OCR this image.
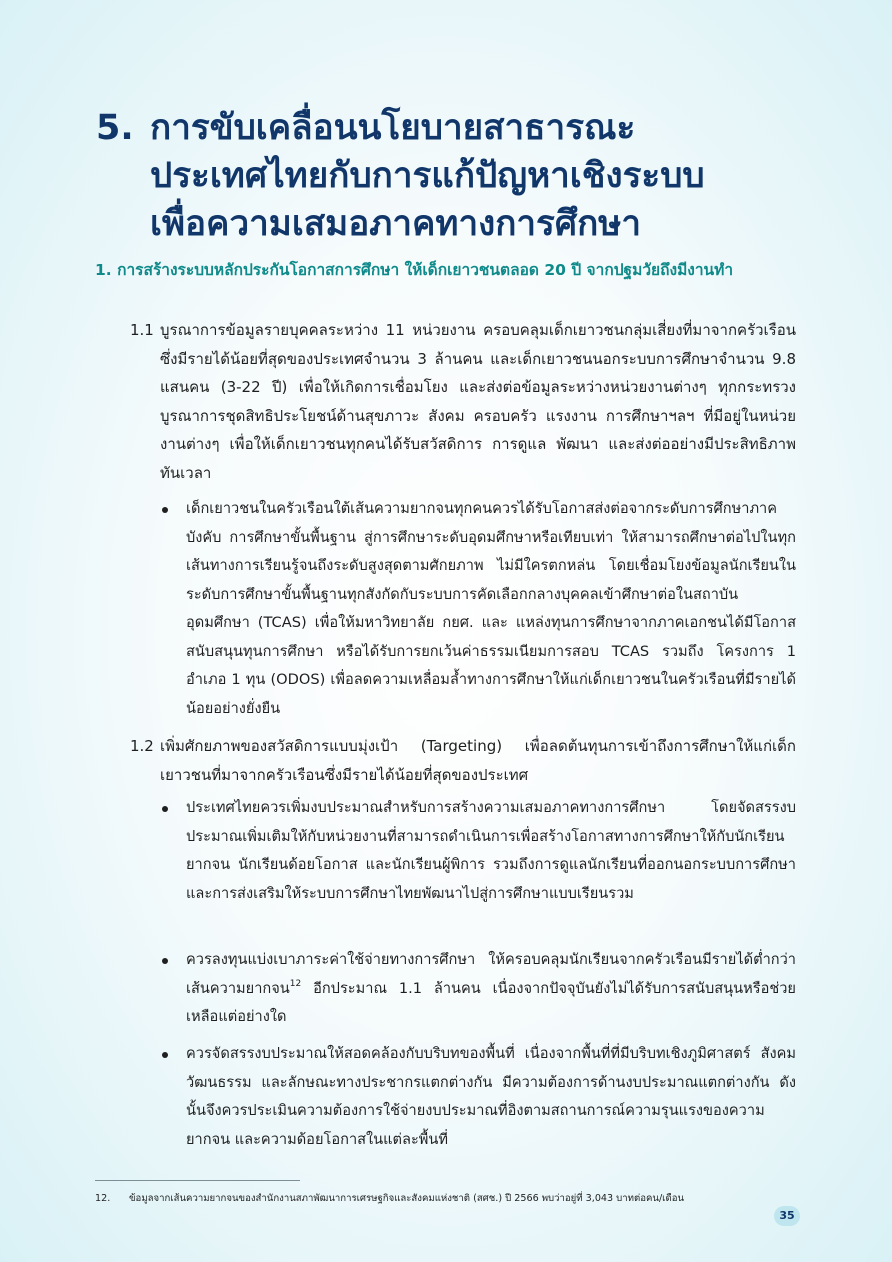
5. การขับเคลื่อนนโยบายสาธารณะ
ประเทศไทยกับการแก้ปัญหาเชิงระบบ
เพื่อความเสมอภาคทางการศึกษา
1. การสร้างระบบหลักประกันโอกาสการศึกษา ให้เด็กเยาวชนตลอด 20 ปี จากปฐมวัยถึงมีงานทำ
1.1 บูรณาการข้อมูลรายบุคคลระหว่าง 11 หน่วยงาน ครอบคลุมเด็กเยาวชนกลุ่มเสี่ยงที่มาจากครัวเรือนซึ่งมีรายได้น้อยที่สุดของประเทศจำนวน 3 ล้านคน และเด็กเยาวชนนอกระบบการศึกษาจำนวน 9.8 แสนคน (3-22 ปี) เพื่อให้เกิดการเชื่อมโยง และส่งต่อข้อมูลระหว่างหน่วยงานต่างๆ ทุกกระทรวง บูรณาการชุดสิทธิประโยชน์ด้านสุขภาวะ สังคม ครอบครัว แรงงาน การศึกษาฯลฯ ที่มีอยู่ในหน่วยงานต่างๆ เพื่อให้เด็กเยาวชนทุกคนได้รับสวัสดิการ การดูแล พัฒนา และส่งต่ออย่างมีประสิทธิภาพ ทันเวลา
เด็กเยาวชนในครัวเรือนใต้เส้นความยากจนทุกคนควรได้รับโอกาสส่งต่อจากระดับการศึกษาภาคบังคับ การศึกษาขั้นพื้นฐาน สู่การศึกษาระดับอุดมศึกษาหรือเทียบเท่า ให้สามารถศึกษาต่อไปในทุกเส้นทางการเรียนรู้จนถึงระดับสูงสุดตามศักยภาพ ไม่มีใครตกหล่น โดยเชื่อมโยงข้อมูลนักเรียนในระดับการศึกษาขั้นพื้นฐานทุกสังกัดกับระบบการคัดเลือกกลางบุคคลเข้าศึกษาต่อในสถาบันอุดมศึกษา (TCAS) เพื่อให้มหาวิทยาลัย กยศ. และ แหล่งทุนการศึกษาจากภาคเอกชนได้มีโอกาสสนับสนุนทุนการศึกษา หรือได้รับการยกเว้นค่าธรรมเนียมการสอบ TCAS รวมถึง โครงการ 1 อำเภอ 1 ทุน (ODOS) เพื่อลดความเหลื่อมล้ำทางการศึกษาให้แก่เด็กเยาวชนในครัวเรือนที่มีรายได้น้อยอย่างยั่งยืน
1.2 เพิ่มศักยภาพของสวัสดิการแบบมุ่งเป้า (Targeting) เพื่อลดต้นทุนการเข้าถึงการศึกษาให้แก่เด็กเยาวชนที่มาจากครัวเรือนซึ่งมีรายได้น้อยที่สุดของประเทศ
ประเทศไทยควรเพิ่มงบประมาณสำหรับการสร้างความเสมอภาคทางการศึกษา โดยจัดสรรงบประมาณเพิ่มเติมให้กับหน่วยงานที่สามารถดำเนินการเพื่อสร้างโอกาสทางการศึกษาให้กับนักเรียนยากจน นักเรียนด้อยโอกาส และนักเรียนผู้พิการ รวมถึงการดูแลนักเรียนที่ออกนอกระบบการศึกษา และการส่งเสริมให้ระบบการศึกษาไทยพัฒนาไปสู่การศึกษาแบบเรียนรวม
ควรลงทุนแบ่งเบาภาระค่าใช้จ่ายทางการศึกษา ให้ครอบคลุมนักเรียนจากครัวเรือนมีรายได้ต่ำกว่าเส้นความยากจน$^{12}$ อีกประมาณ 1.1 ล้านคน เนื่องจากปัจจุบันยังไม่ได้รับการสนับสนุนหรือช่วยเหลือแต่อย่างใด
ควรจัดสรรงบประมาณให้สอดคล้องกับบริบทของพื้นที่ เนื่องจากพื้นที่ที่มีบริบทเชิงภูมิศาสตร์ สังคมวัฒนธรรม และลักษณะทางประชากรแตกต่างกัน มีความต้องการด้านงบประมาณแตกต่างกัน ดังนั้นจึงควรประเมินความต้องการใช้จ่ายงบประมาณที่อิงตามสถานการณ์ความรุนแรงของความยากจน และความด้อยโอกาสในแต่ละพื้นที่
12. ข้อมูลจากเส้นความยากจนของสำนักงานสภาพัฒนาการเศรษฐกิจและสังคมแห่งชาติ (สศช.) ปี 2566 พบว่าอยู่ที่ 3,043 บาทต่อคน/เดือน
35
